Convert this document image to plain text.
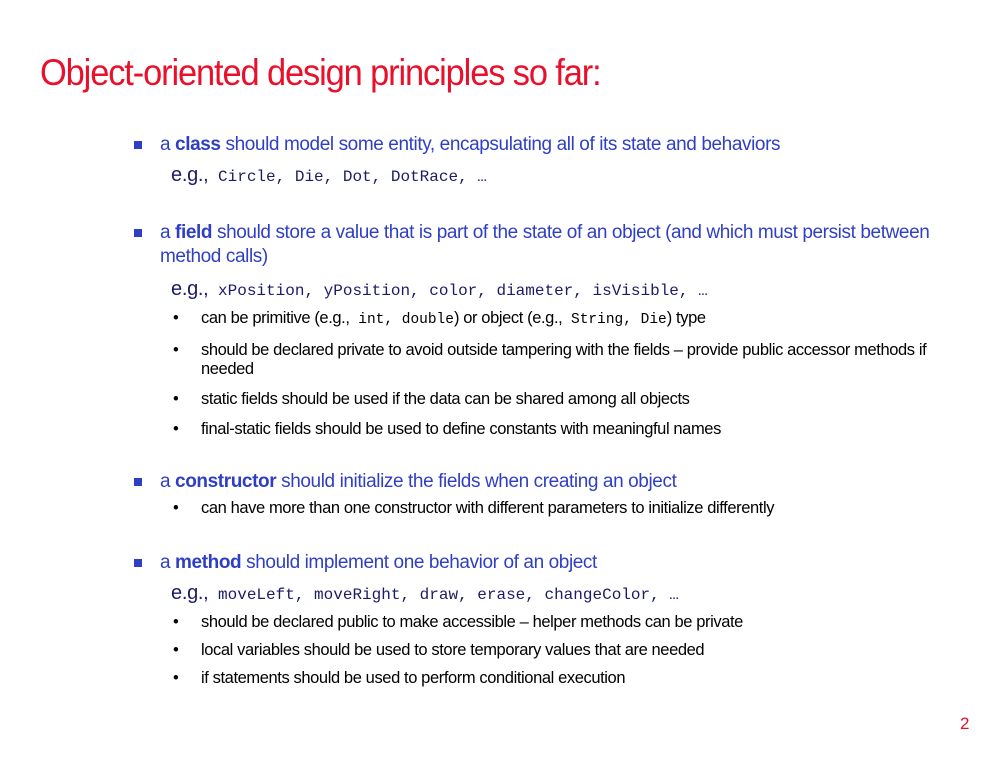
Object-oriented design principles so far:
a class should model some entity, encapsulating all of its state and behaviors
e.g., Circle, Die, Dot, DotRace, …
a field should store a value that is part of the state of an object (and which must persist between method calls)
e.g., xPosition, yPosition, color, diameter, isVisible, …
• can be primitive (e.g., int, double) or object (e.g., String, Die) type
• should be declared private to avoid outside tampering with the fields – provide public accessor methods if needed
• static fields should be used if the data can be shared among all objects
• final-static fields should be used to define constants with meaningful names
a constructor should initialize the fields when creating an object
• can have more than one constructor with different parameters to initialize differently
a method should implement one behavior of an object
e.g., moveLeft, moveRight, draw, erase, changeColor, …
• should be declared public to make accessible – helper methods can be private
• local variables should be used to store temporary values that are needed
• if statements should be used to perform conditional execution
2
